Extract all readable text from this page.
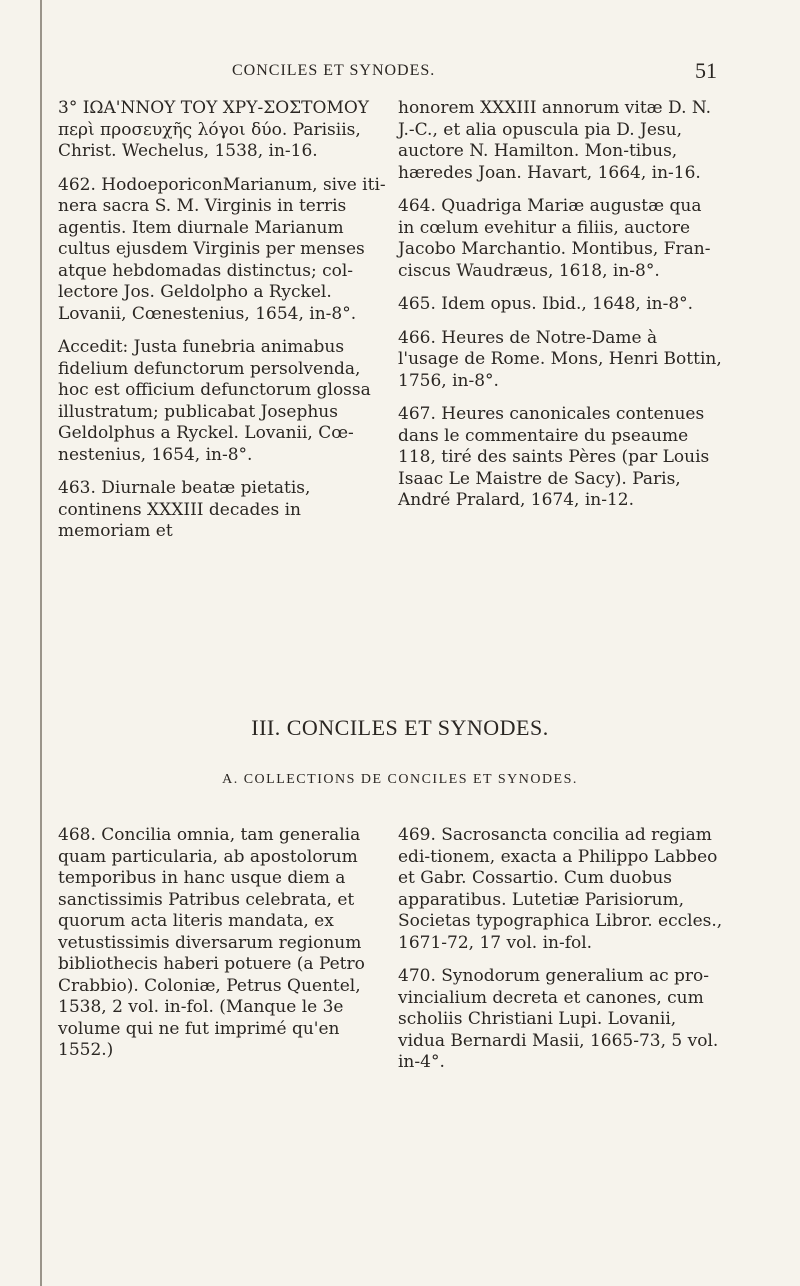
CONCILES ET SYNODES.	51

3° ΙΩΑ'ΝΝΟΥ ΤΟΥ ΧΡΥ-ΣΟΣΤΟΜΟΥ περὶ προσευχῆς λόγοι δύο. Parisiis, Christ. Wechelus, 1538, in-16.

462. HodoeporiconMarianum, sive iti-nera sacra S. M. Virginis in terris agentis. Item diurnale Marianum cultus ejusdem Virginis per menses atque hebdomadas distinctus; col-lectore Jos. Geldolpho a Ryckel. Lovanii, Cœnestenius, 1654, in-8°.

Accedit: Justa funebria animabus fidelium defunctorum persolvenda, hoc est officium defunctorum glossa illustratum; publicabat Josephus Geldolphus a Ryckel. Lovanii, Cœ-nestenius, 1654, in-8°.

463. Diurnale beatæ pietatis, continens XXXIII decades in memoriam et

honorem XXXIII annorum vitæ D. N. J.-C., et alia opuscula pia D. Jesu, auctore N. Hamilton. Mon-tibus, hæredes Joan. Havart, 1664, in-16.

464. Quadriga Mariæ augustæ qua in cœlum evehitur a filiis, auctore Jacobo Marchantio. Montibus, Fran-ciscus Waudræus, 1618, in-8°.

465. Idem opus. Ibid., 1648, in-8°.

466. Heures de Notre-Dame à l'usage de Rome. Mons, Henri Bottin, 1756, in-8°.

467. Heures canonicales contenues dans le commentaire du pseaume 118, tiré des saints Pères (par Louis Isaac Le Maistre de Sacy). Paris, André Pralard, 1674, in-12.

III. CONCILES ET SYNODES.
A. COLLECTIONS DE CONCILES ET SYNODES.

468. Concilia omnia, tam generalia quam particularia, ab apostolorum temporibus in hanc usque diem a sanctissimis Patribus celebrata, et quorum acta literis mandata, ex vetustissimis diversarum regionum bibliothecis haberi potuere (a Petro Crabbio). Coloniæ, Petrus Quentel, 1538, 2 vol. in-fol. (Manque le 3e volume qui ne fut imprimé qu'en 1552.)

469. Sacrosancta concilia ad regiam edi-tionem, exacta a Philippo Labbeo et Gabr. Cossartio. Cum duobus apparatibus. Lutetiæ Parisiorum, Societas typographica Libror. eccles., 1671-72, 17 vol. in-fol.

470. Synodorum generalium ac pro-vincialium decreta et canones, cum scholiis Christiani Lupi. Lovanii, vidua Bernardi Masii, 1665-73, 5 vol. in-4°.
